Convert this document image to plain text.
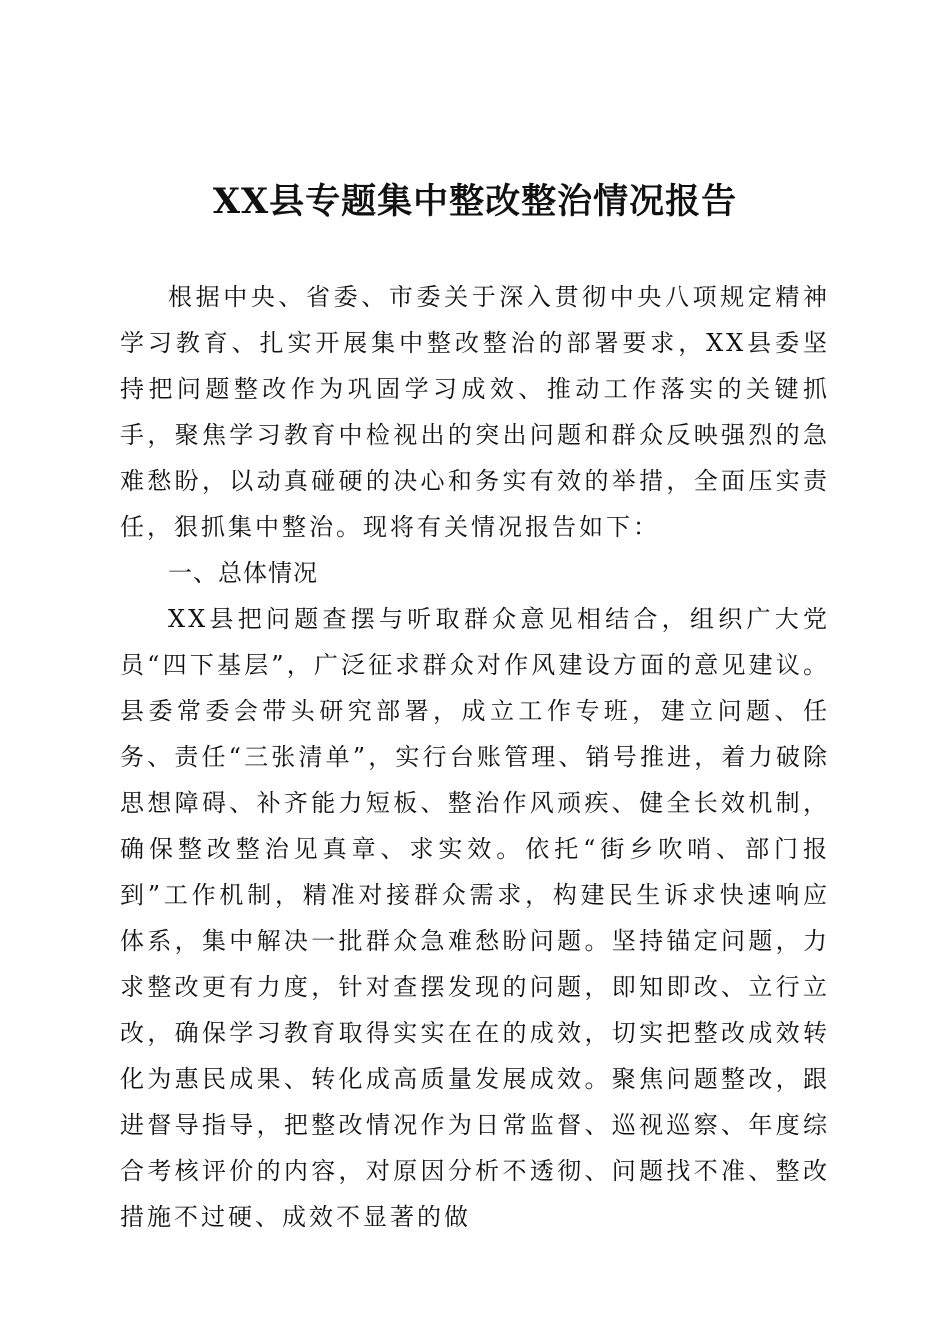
XX县专题集中整改整治情况报告

根据中央、省委、市委关于深入贯彻中央八项规定精神学习教育、扎实开展集中整改整治的部署要求，XX县委坚持把问题整改作为巩固学习成效、推动工作落实的关键抓手，聚焦学习教育中检视出的突出问题和群众反映强烈的急难愁盼，以动真碰硬的决心和务实有效的举措，全面压实责任，狠抓集中整治。现将有关情况报告如下：

一、总体情况

XX县把问题查摆与听取群众意见相结合，组织广大党员“四下基层”，广泛征求群众对作风建设方面的意见建议。县委常委会带头研究部署，成立工作专班，建立问题、任务、责任“三张清单”，实行台账管理、销号推进，着力破除思想障碍、补齐能力短板、整治作风顽疾、健全长效机制，确保整改整治见真章、求实效。依托“街乡吹哨、部门报到”工作机制，精准对接群众需求，构建民生诉求快速响应体系，集中解决一批群众急难愁盼问题。坚持锚定问题，力求整改更有力度，针对查摆发现的问题，即知即改、立行立改，确保学习教育取得实实在在的成效，切实把整改成效转化为惠民成果、转化成高质量发展成效。聚焦问题整改，跟进督导指导，把整改情况作为日常监督、巡视巡察、年度综合考核评价的内容，对原因分析不透彻、问题找不准、整改措施不过硬、成效不显著的做
